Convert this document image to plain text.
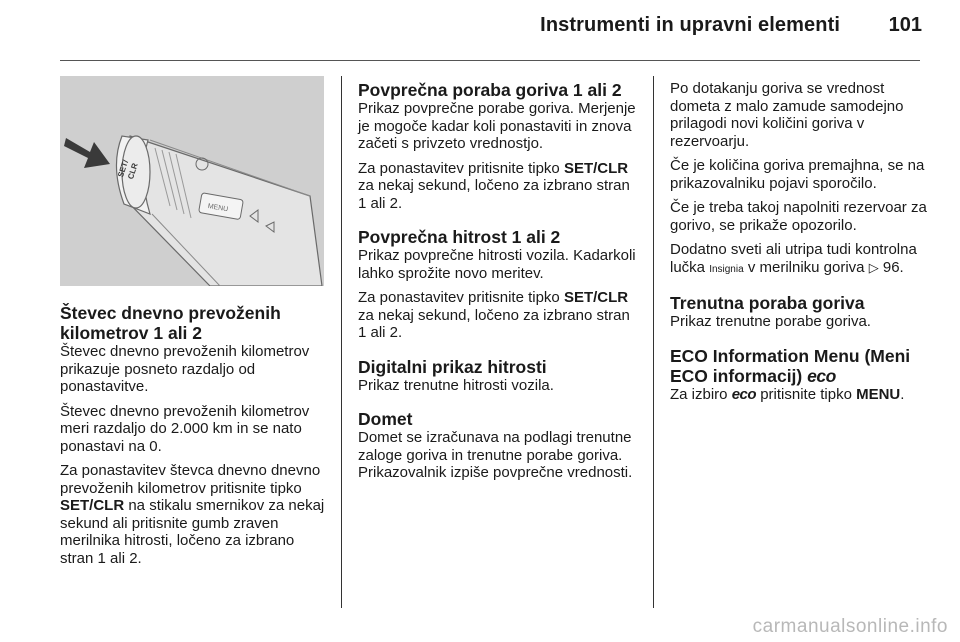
Instrumenti in upravni elementi 101
SET/
CLR
MENU
Števec dnevno prevoženih kilometrov 1 ali 2

Števec dnevno prevoženih kilometrov prikazuje posneto razdaljo od ponastavitve.

Števec dnevno prevoženih kilometrov meri razdaljo do 2.000 km in se nato ponastavi na 0.

Za ponastavitev števca dnevno dnevno prevoženih kilometrov pritisnite tipko SET/CLR na stikalu smernikov za nekaj sekund ali pritisnite gumb zraven merilnika hitrosti, ločeno za izbrano stran 1 ali 2.

Povprečna poraba goriva 1 ali 2

Prikaz povprečne porabe goriva. Merjenje je mogoče kadar koli ponastaviti in znova začeti s privzeto vrednostjo.

Za ponastavitev pritisnite tipko SET/CLR za nekaj sekund, ločeno za izbrano stran 1 ali 2.

Povprečna hitrost 1 ali 2

Prikaz povprečne hitrosti vozila. Kadarkoli lahko sprožite novo meritev.

Za ponastavitev pritisnite tipko SET/CLR za nekaj sekund, ločeno za izbrano stran 1 ali 2.

Digitalni prikaz hitrosti

Prikaz trenutne hitrosti vozila.

Domet

Domet se izračunava na podlagi trenutne zaloge goriva in trenutne porabe goriva. Prikazovalnik izpiše povprečne vrednosti.

Po dotakanju goriva se vrednost dometa z malo zamude samodejno prilagodi novi količini goriva v rezervoarju.

Če je količina goriva premajhna, se na prikazovalniku pojavi sporočilo.

Če je treba takoj napolniti rezervoar za gorivo, se prikaže opozorilo.

Dodatno sveti ali utripa tudi kontrolna lučka Insignia v merilniku goriva ▷ 96.

Trenutna poraba goriva

Prikaz trenutne porabe goriva.

ECO Information Menu (Meni ECO informacij) eco

Za izbiro eco pritisnite tipko MENU.

carmanualsonline.info
